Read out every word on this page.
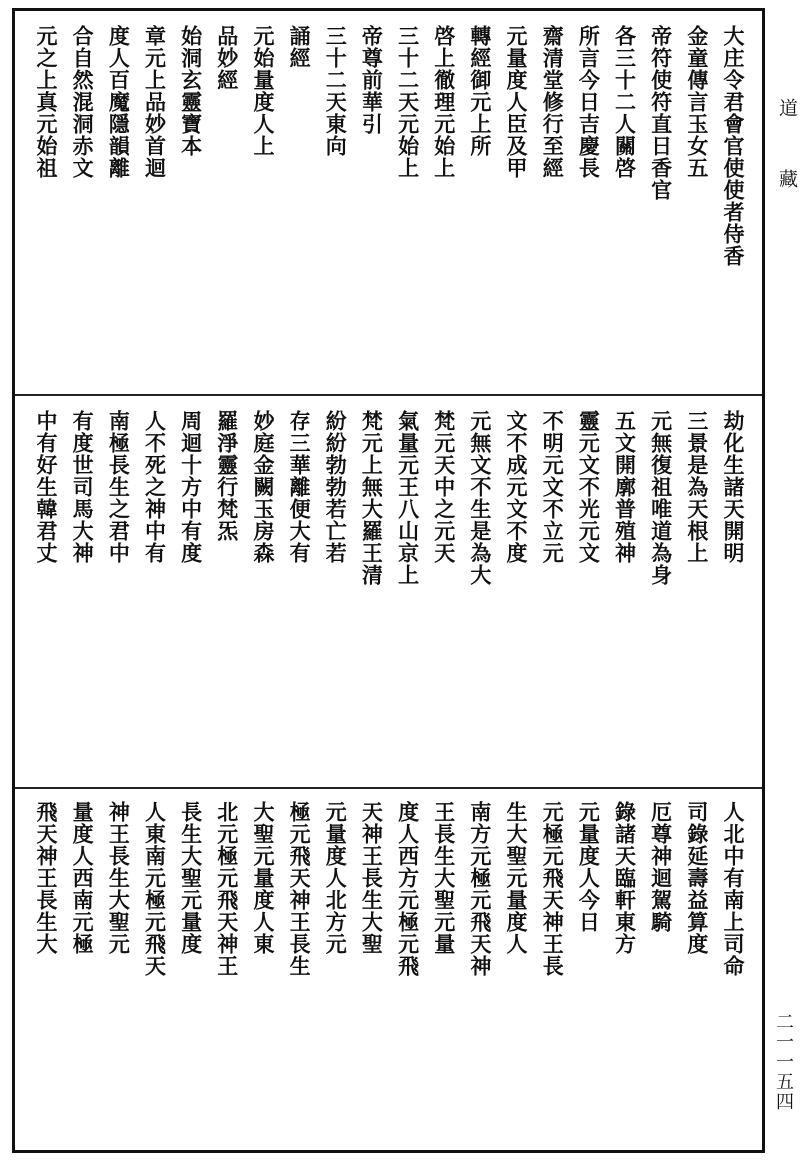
大庄令君會官使使者侍香
金童傳言玉女五
帝符使符直日香官
各三十二人關啓
所言今日吉慶長
齋清堂修行至經
元量度人臣及甲
轉經御元上所
啓上徹理元始上
三十二天元始上
帝尊前華引
三十二天東向
誦經
元始量度人上
品妙經
始洞玄靈寶本
章元上品妙首迴
度人百魔隱韻離
合自然混洞赤文
元之上真元始祖
劫化生諸天開明
三景是為天根上
元無復祖唯道為身
五文開廓普殖神
靈元文不光元文
不明元文不立元
文不成元文不度
元無文不生是為大
梵元天中之元天
氣量元王八山京上
梵元上無大羅王清
紛紛勃勃若亡若
存三華離便大有
妙庭金闕玉房森
羅淨靈行梵炁
周迴十方中有度
人不死之神中有
南極長生之君中
有度世司馬大神
中有好生韓君丈
人北中有南上司命
司錄延壽益算度
厄尊神迴駕騎
錄諸天臨軒東方
元量度人今日
元極元飛天神王長
生大聖元量度人
南方元極元飛天神
王長生大聖元量
度人西方元極元飛
天神王長生大聖
元量度人北方元
極元飛天神王長生
大聖元量度人東
北元極元飛天神王
長生大聖元量度
人東南元極元飛天
神王長生大聖元
量度人西南元極
飛天神王長生大
道藏
二一一五四
